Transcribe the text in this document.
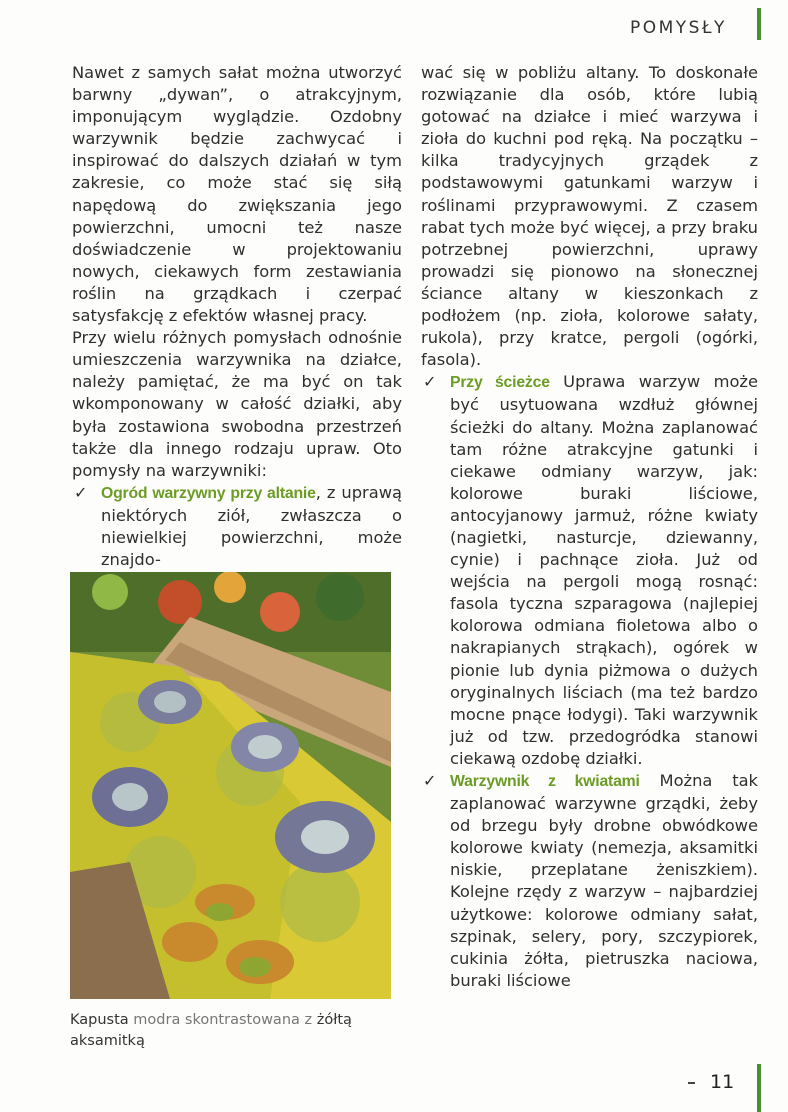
POMYSŁY

Nawet z samych sałat można utworzyć barwny „dywan”, o atrakcyjnym, imponującym wyglądzie. Ozdobny warzywnik będzie zachwycać i inspirować do dalszych działań w tym zakresie, co może stać się siłą napędową do zwiększania jego powierzchni, umocni też nasze doświadczenie w projektowaniu nowych, ciekawych form zestawiania roślin na grządkach i czerpać satysfakcję z efektów własnej pracy.

Przy wielu różnych pomysłach odnośnie umieszczenia warzywnika na działce, należy pamiętać, że ma być on tak wkomponowany w całość działki, aby była zostawiona swobodna przestrzeń także dla innego rodzaju upraw. Oto pomysły na warzywniki:

✓ Ogród warzywny przy altanie, z uprawą niektórych ziół, zwłaszcza o niewielkiej powierzchni, może znajdo-
Kapusta modra skontrastowana z żółtą aksamitką

wać się w pobliżu altany. To doskonałe rozwiązanie dla osób, które lubią gotować na działce i mieć warzywa i zioła do kuchni pod ręką. Na początku – kilka tradycyjnych grządek z podstawowymi gatunkami warzyw i roślinami przyprawowymi. Z czasem rabat tych może być więcej, a przy braku potrzebnej powierzchni, uprawy prowadzi się pionowo na słonecznej ściance altany w kieszonkach z podłożem (np. zioła, kolorowe sałaty, rukola), przy kratce, pergoli (ogórki, fasola).

✓ Przy ścieżce Uprawa warzyw może być usytuowana wzdłuż głównej ścieżki do altany. Można zaplanować tam różne atrakcyjne gatunki i ciekawe odmiany warzyw, jak: kolorowe buraki liściowe, antocyjanowy jarmuż, różne kwiaty (nagietki, nasturcje, dziewanny, cynie) i pachnące zioła. Już od wejścia na pergoli mogą rosnąć: fasola tyczna szparagowa (najlepiej kolorowa odmiana fioletowa albo o nakrapianych strąkach), ogórek w pionie lub dynia piżmowa o dużych oryginalnych liściach (ma też bardzo mocne pnące łodygi). Taki warzywnik już od tzw. przedogródka stanowi ciekawą ozdobę działki.
✓ Warzywnik z kwiatami Można tak zaplanować warzywne grządki, żeby od brzegu były drobne obwódkowe kolorowe kwiaty (nemezja, aksamitki niskie, przeplatane żeniszkiem). Kolejne rzędy z warzyw – najbardziej użytkowe: kolorowe odmiany sałat, szpinak, selery, pory, szczypiorek, cukinia żółta, pietruszka naciowa, buraki liściowe
11
